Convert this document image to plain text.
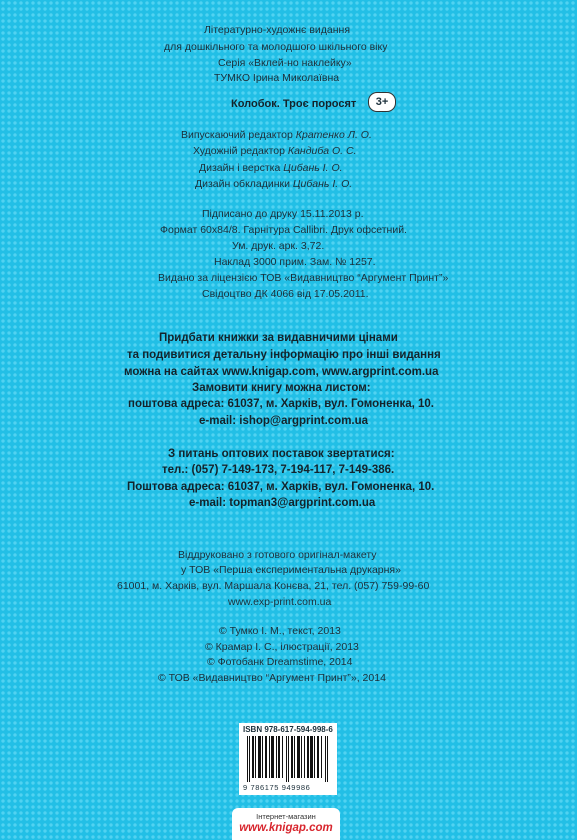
Літературно-художнє видання
для дошкільного та молодшого шкільного віку
Серія «Вклей-но наклейку»
ТУМКО Ірина Миколаївна
Колобок. Троє поросят	3+
Випускаючий редактор Кратенко Л. О.
Художній редактор Кандиба О. С.
Дизайн і верстка Цибань І. О.
Дизайн обкладинки Цибань І. О.
Підписано до друку 15.11.2013 р.
Формат 60х84/8. Гарнітура Callibri. Друк офсетний.
Ум. друк. арк. 3,72.
Наклад 3000 прим. Зам. № 1257.
Видано за ліцензією ТОВ «Видавництво “Аргумент Принт”»
Свідоцтво ДК 4066 від 17.05.2011.
Придбати книжки за видавничими цінами
та подивитися детальну інформацію про інші видання
можна на сайтах www.knigap.com, www.argprint.com.ua
Замовити книгу можна листом:
поштова адреса: 61037, м. Харків, вул. Гомоненка, 10.
e-mail: ishop@argprint.com.ua
З питань оптових поставок звертатися:
тел.: (057) 7-149-173, 7-194-117, 7-149-386.
Поштова адреса: 61037, м. Харків, вул. Гомоненка, 10.
e-mail: topman3@argprint.com.ua
Віддруковано з готового оригінал-макету
у ТОВ «Перша експериментальна друкарня»
61001, м. Харків, вул. Маршала Конєва, 21, тел. (057) 759-99-60
www.exp-print.com.ua
© Тумко І. М., текст, 2013
© Крамар І. С., ілюстрації, 2013
© Фотобанк Dreamstime, 2014
© ТОВ «Видавництво “Аргумент Принт”», 2014
ISBN 978-617-594-998-6
9 786175 949986
Інтернет-магазин
www.knigap.com
